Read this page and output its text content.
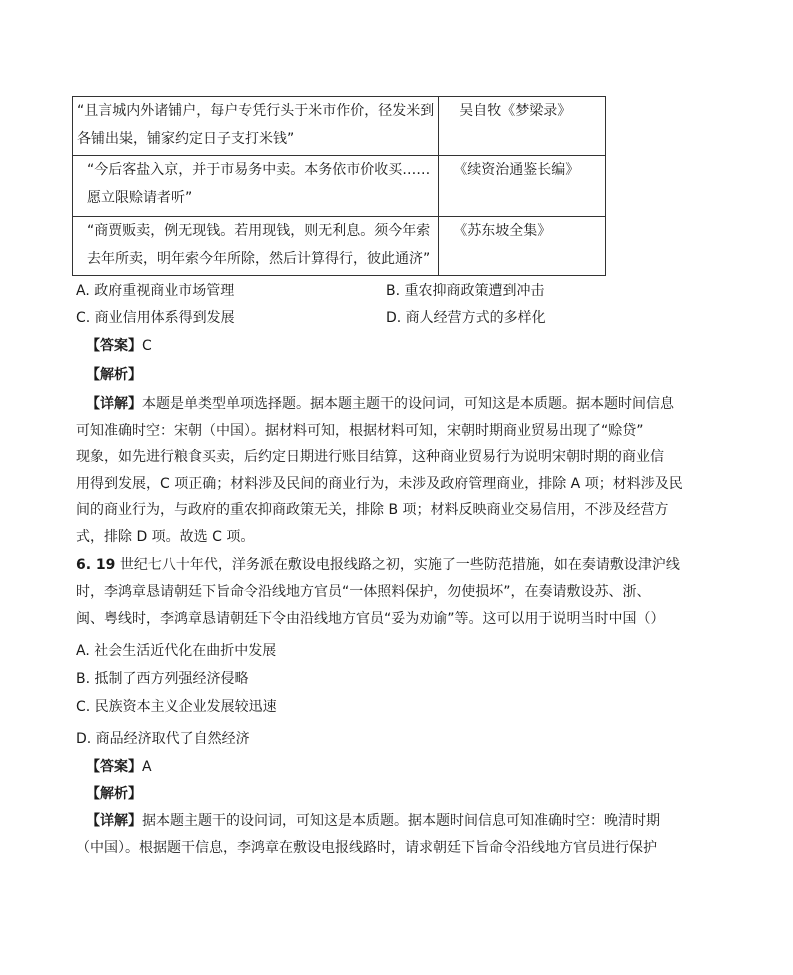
“且言城内外诸铺户，每户专凭行头于米市作价，径发米到各铺出粜，铺家约定日子支打米钱”	吴自牧《梦梁录》
“今后客盐入京，并于市易务中卖。本务依市价收买……愿立限赊请者听”	《续资治通鉴长编》
“商贾贩卖，例无现钱。若用现钱，则无利息。须今年索去年所卖，明年索今年所除，然后计算得行，彼此通济”	《苏东坡全集》
A. 政府重视商业市场管理	B. 重农抑商政策遭到冲击
C. 商业信用体系得到发展	D. 商人经营方式的多样化
【答案】C
【解析】
【详解】本题是单类型单项选择题。据本题主题干的设问词，可知这是本质题。据本题时间信息
可知准确时空：宋朝（中国）。据材料可知，根据材料可知，宋朝时期商业贸易出现了“赊贷”
现象，如先进行粮食买卖，后约定日期进行账目结算，这种商业贸易行为说明宋朝时期的商业信
用得到发展，C 项正确；材料涉及民间的商业行为，未涉及政府管理商业，排除 A 项；材料涉及民
间的商业行为，与政府的重农抑商政策无关，排除 B 项；材料反映商业交易信用，不涉及经营方
式，排除 D 项。故选 C 项。
6. 19 世纪七八十年代，洋务派在敷设电报线路之初，实施了一些防范措施，如在奏请敷设津沪线
时，李鸿章恳请朝廷下旨命令沿线地方官员“一体照料保护，勿使损坏”，在奏请敷设苏、浙、
闽、粤线时，李鸿章恳请朝廷下令由沿线地方官员“妥为劝谕”等。这可以用于说明当时中国（）
A. 社会生活近代化在曲折中发展
B. 抵制了西方列强经济侵略
C. 民族资本主义企业发展较迅速
D. 商品经济取代了自然经济
【答案】A
【解析】
【详解】据本题主题干的设问词，可知这是本质题。据本题时间信息可知准确时空：晚清时期
（中国）。根据题干信息，李鸿章在敷设电报线路时，请求朝廷下旨命令沿线地方官员进行保护
